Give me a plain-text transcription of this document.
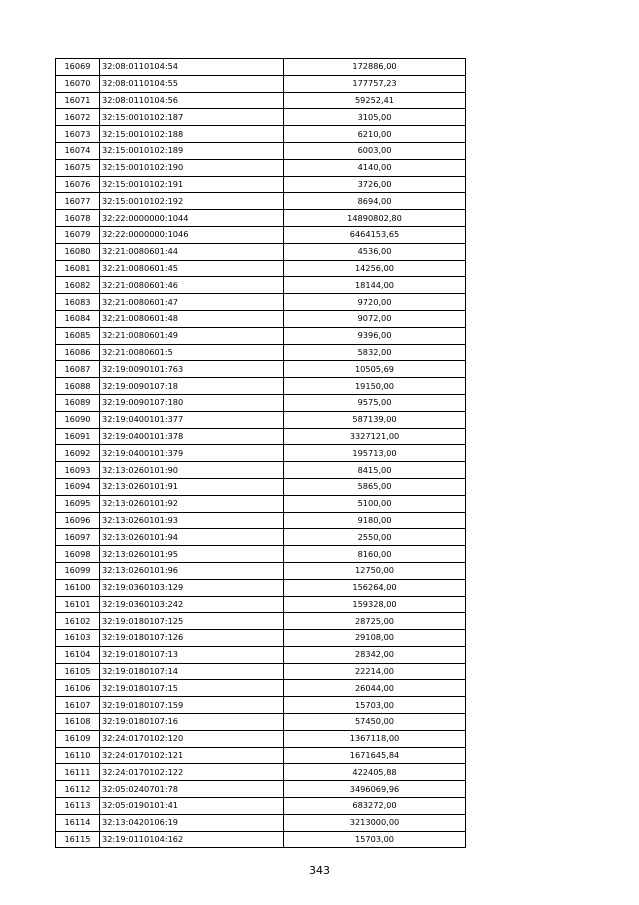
16069	32:08:0110104:54	172886,00
16070	32:08:0110104:55	177757,23
16071	32:08:0110104:56	59252,41
16072	32:15:0010102:187	3105,00
16073	32:15:0010102:188	6210,00
16074	32:15:0010102:189	6003,00
16075	32:15:0010102:190	4140,00
16076	32:15:0010102:191	3726,00
16077	32:15:0010102:192	8694,00
16078	32:22:0000000:1044	14890802,80
16079	32:22:0000000:1046	6464153,65
16080	32:21:0080601:44	4536,00
16081	32:21:0080601:45	14256,00
16082	32:21:0080601:46	18144,00
16083	32:21:0080601:47	9720,00
16084	32:21:0080601:48	9072,00
16085	32:21:0080601:49	9396,00
16086	32:21:0080601:5	5832,00
16087	32:19:0090101:763	10505,69
16088	32:19:0090107:18	19150,00
16089	32:19:0090107:180	9575,00
16090	32:19:0400101:377	587139,00
16091	32:19:0400101:378	3327121,00
16092	32:19:0400101:379	195713,00
16093	32:13:0260101:90	8415,00
16094	32:13:0260101:91	5865,00
16095	32:13:0260101:92	5100,00
16096	32:13:0260101:93	9180,00
16097	32:13:0260101:94	2550,00
16098	32:13:0260101:95	8160,00
16099	32:13:0260101:96	12750,00
16100	32:19:0360103:129	156264,00
16101	32:19:0360103:242	159328,00
16102	32:19:0180107:125	28725,00
16103	32:19:0180107:126	29108,00
16104	32:19:0180107:13	28342,00
16105	32:19:0180107:14	22214,00
16106	32:19:0180107:15	26044,00
16107	32:19:0180107:159	15703,00
16108	32:19:0180107:16	57450,00
16109	32:24:0170102:120	1367118,00
16110	32:24:0170102:121	1671645,84
16111	32:24:0170102:122	422405,88
16112	32:05:0240701:78	3496069,96
16113	32:05:0190101:41	683272,00
16114	32:13:0420106:19	3213000,00
16115	32:19:0110104:162	15703,00
343
